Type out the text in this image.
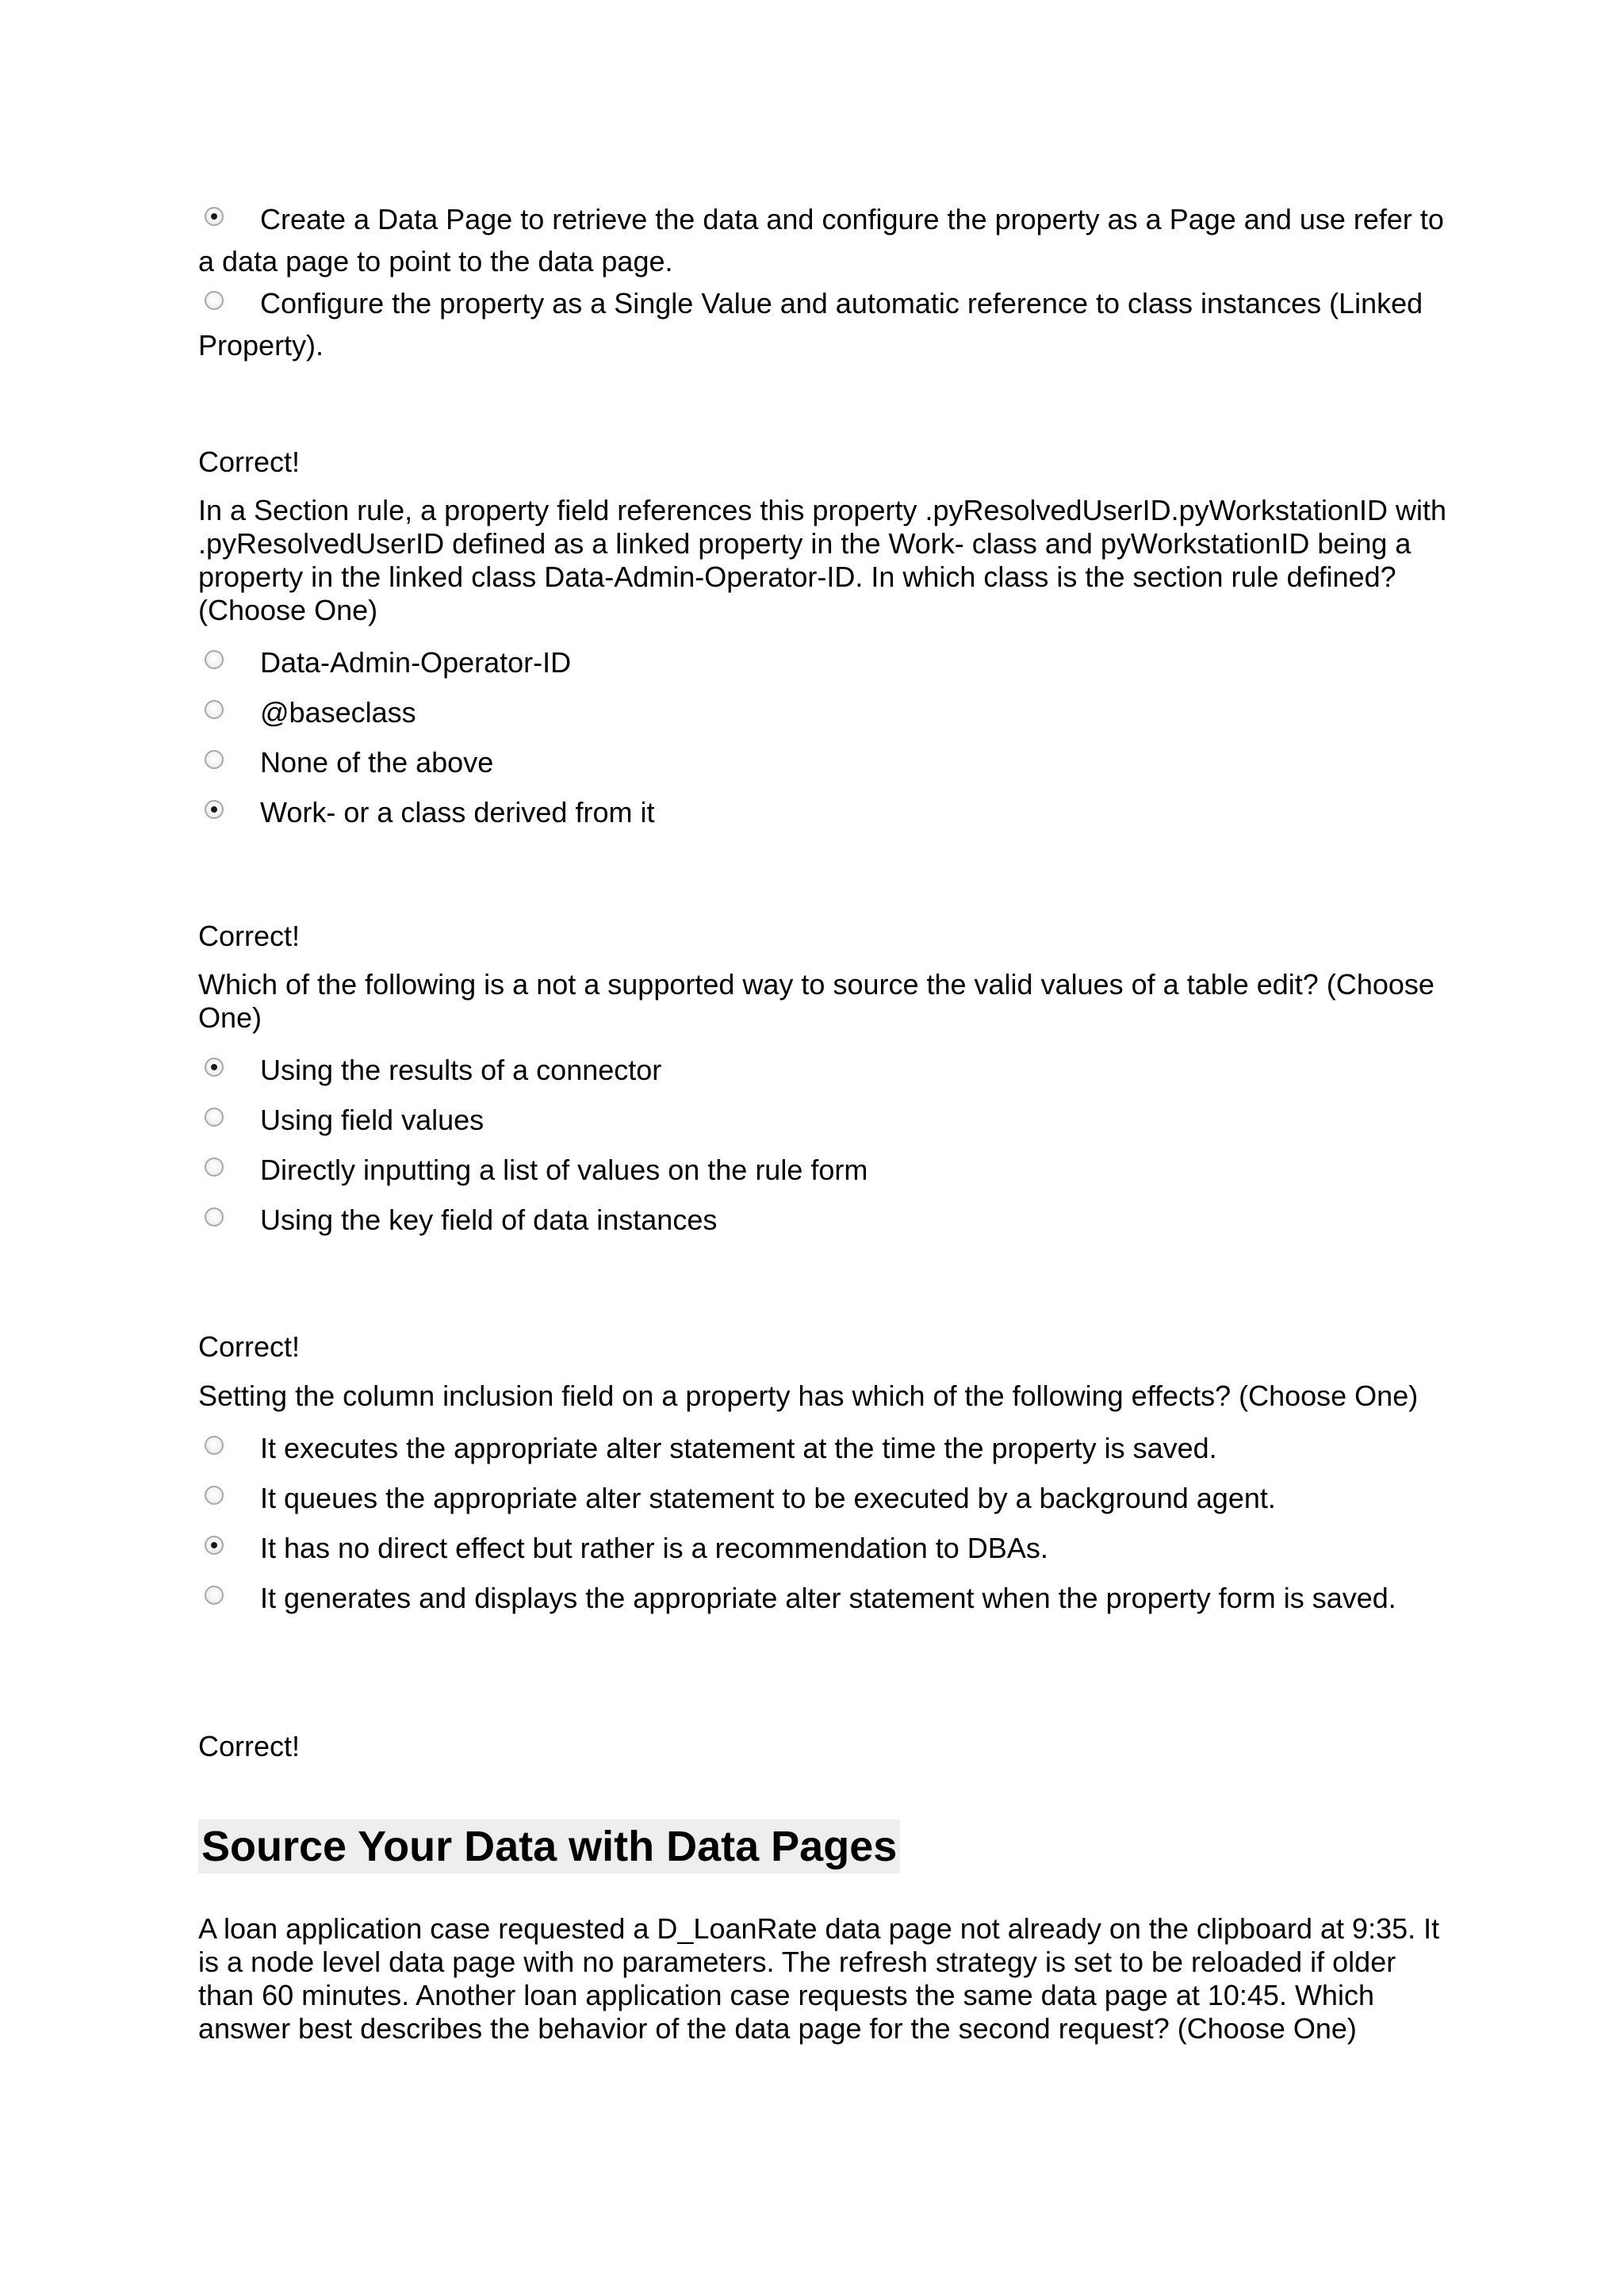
Create a Data Page to retrieve the data and configure the property as a Page and use refer to a data page to point to the data page.
Configure the property as a Single Value and automatic reference to class instances (Linked Property).

Correct!

In a Section rule, a property field references this property .pyResolvedUserID.pyWorkstationID with .pyResolvedUserID defined as a linked property in the Work- class and pyWorkstationID being a property in the linked class Data-Admin-Operator-ID. In which class is the section rule defined? (Choose One)

Data-Admin-Operator-ID
@baseclass
None of the above
Work- or a class derived from it

Correct!

Which of the following is a not a supported way to source the valid values of a table edit? (Choose One)

Using the results of a connector
Using field values
Directly inputting a list of values on the rule form
Using the key field of data instances

Correct!

Setting the column inclusion field on a property has which of the following effects? (Choose One)

It executes the appropriate alter statement at the time the property is saved.
It queues the appropriate alter statement to be executed by a background agent.
It has no direct effect but rather is a recommendation to DBAs.
It generates and displays the appropriate alter statement when the property form is saved.

Correct!

Source Your Data with Data Pages

A loan application case requested a D_LoanRate data page not already on the clipboard at 9:35. It is a node level data page with no parameters. The refresh strategy is set to be reloaded if older than 60 minutes. Another loan application case requests the same data page at 10:45. Which answer best describes the behavior of the data page for the second request? (Choose One)
